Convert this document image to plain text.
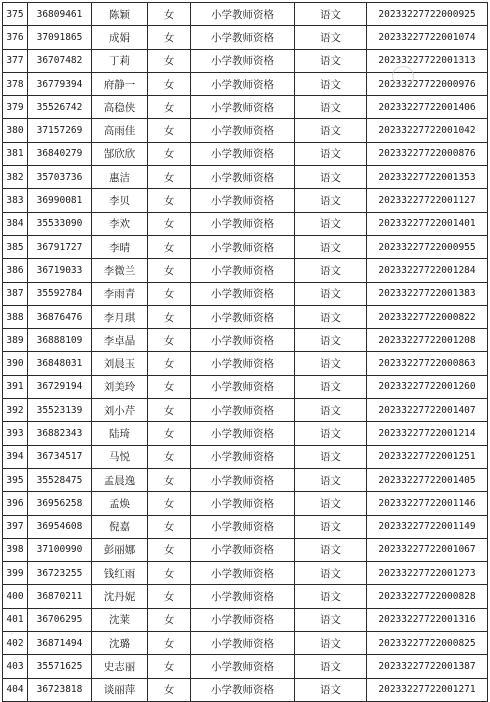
375	36809461	陈颖	女	小学教师资格	语文	20233227722000925
376	37091865	成娟	女	小学教师资格	语文	20233227722001074
377	36707482	丁莉	女	小学教师资格	语文	20233227722001313
378	36779394	府静一	女	小学教师资格	语文	20233227722000976
379	35526742	高稳侠	女	小学教师资格	语文	20233227722001406
380	37157269	高雨佳	女	小学教师资格	语文	20233227722001042
381	36840279	郜欣欣	女	小学教师资格	语文	20233227722000876
382	35703736	惠洁	女	小学教师资格	语文	20233227722001353
383	36990081	李贝	女	小学教师资格	语文	20233227722001127
384	35533090	李欢	女	小学教师资格	语文	20233227722001401
385	36791727	李晴	女	小学教师资格	语文	20233227722000955
386	36719033	李微兰	女	小学教师资格	语文	20233227722001284
387	35592784	李雨青	女	小学教师资格	语文	20233227722001383
388	36876476	李月琪	女	小学教师资格	语文	20233227722000822
389	36888109	李卓晶	女	小学教师资格	语文	20233227722001208
390	36848031	刘晨玉	女	小学教师资格	语文	20233227722000863
391	36729194	刘美玲	女	小学教师资格	语文	20233227722001260
392	35523139	刘小芹	女	小学教师资格	语文	20233227722001407
393	36882343	陆琦	女	小学教师资格	语文	20233227722001214
394	36734517	马悦	女	小学教师资格	语文	20233227722001251
395	35528475	孟晨逸	女	小学教师资格	语文	20233227722001405
396	36956258	孟焕	女	小学教师资格	语文	20233227722001146
397	36954608	倪嘉	女	小学教师资格	语文	20233227722001149
398	37100990	彭丽娜	女	小学教师资格	语文	20233227722001067
399	36723255	钱红雨	女	小学教师资格	语文	20233227722001273
400	36870211	沈丹妮	女	小学教师资格	语文	20233227722000828
401	36706295	沈莱	女	小学教师资格	语文	20233227722001316
402	36871494	沈璐	女	小学教师资格	语文	20233227722000825
403	35571625	史志丽	女	小学教师资格	语文	20233227722001387
404	36723818	谈丽萍	女	小学教师资格	语文	20233227722001271
